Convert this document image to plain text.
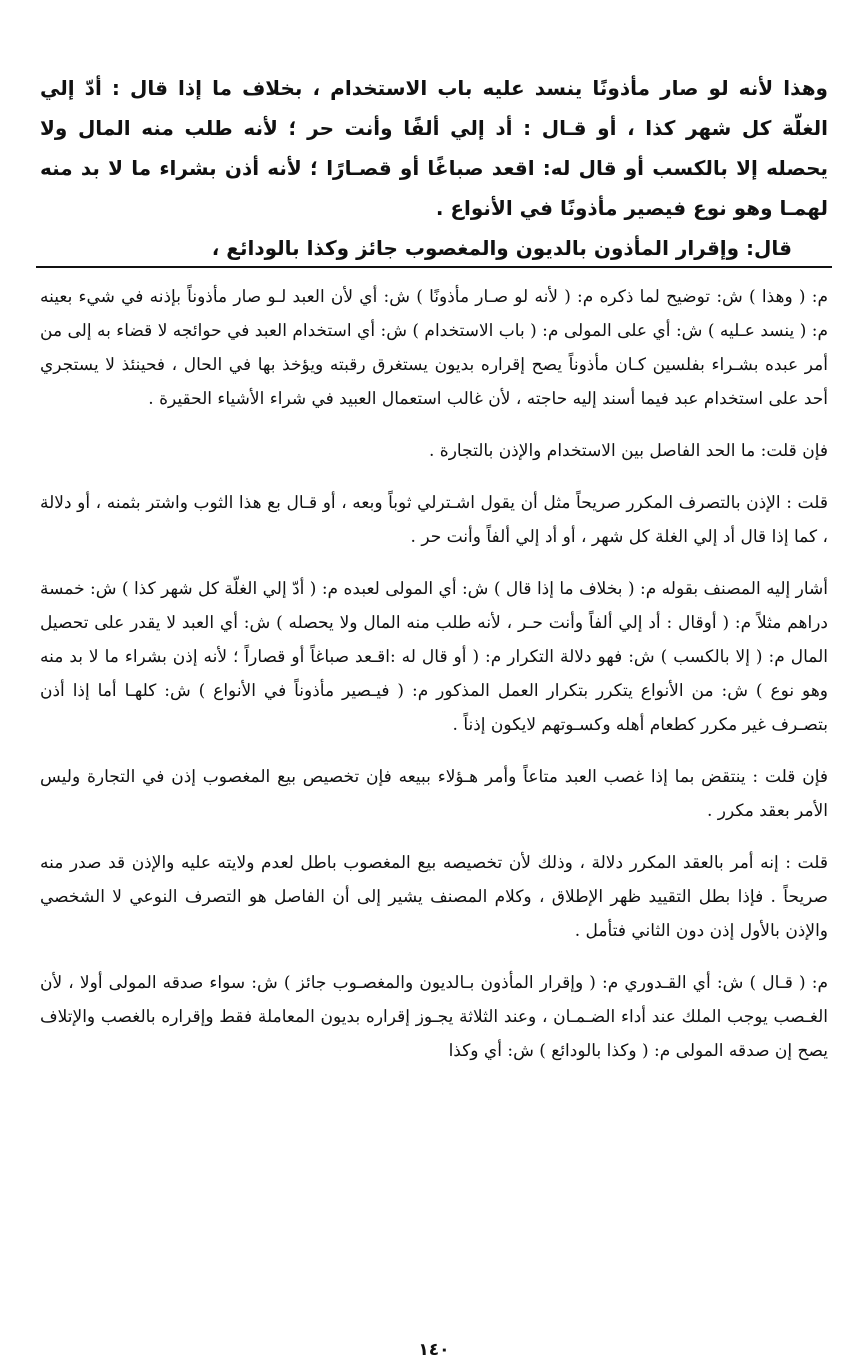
وهذا لأنه لو صار مأذونًا ينسد عليه باب الاستخدام ، بخلاف ما إذا قال : أدّ إلي الغلّة كل شهر كذا ، أو قـال : أد إلي ألفًا وأنت حر ؛ لأنه طلب منه المال ولا يحصله إلا بالكسب أو قال له: اقعد صباغًا أو قصـارًا ؛ لأنه أذن بشراء ما لا بد منه لهمـا وهو نوع فيصير مأذونًا في الأنواع .

قال: وإقرار المأذون بالديون والمغصوب جائز وكذا بالودائع ،

م: ( وهذا ) ش: توضيح لما ذكره م: ( لأنه لو صـار مأذونًا ) ش: أي لأن العبد لـو صار مأذوناً بإذنه في شيء بعينه م: ( ينسد عـليه ) ش: أي على المولى م: ( باب الاستخدام ) ش: أي استخدام العبد في حوائجه لا قضاء به إلى من أمر عبده بشـراء بفلسين كـان مأذوناً يصح إقراره بديون يستغرق رقبته ويؤخذ بها في الحال ، فحينئذ لا يستجري أحد على استخدام عبد فيما أسند إليه حاجته ، لأن غالب استعمال العبيد في شراء الأشياء الحقيرة .

فإن قلت: ما الحد الفاصل بين الاستخدام والإذن بالتجارة .

قلت : الإذن بالتصرف المكرر صريحاً مثل أن يقول اشـترلي ثوباً وبعه ، أو قـال بع هذا الثوب واشتر بثمنه ، أو دلالة ، كما إذا قال أد إلي الغلة كل شهر ، أو أد إلي ألفاً وأنت حر .

أشار إليه المصنف بقوله م: ( بخلاف ما إذا قال ) ش: أي المولى لعبده م: ( أدّ إلي الغلّة كل شهر كذا ) ش: خمسة دراهم مثلاً م: ( أوقال : أد إلي ألفاً وأنت حـر ، لأنه طلب منه المال ولا يحصله ) ش: أي العبد لا يقدر على تحصيل المال م: ( إلا بالكسب ) ش: فهو دلالة التكرار م: ( أو قال له :اقـعد صباغاً أو قصاراً ؛ لأنه إذن بشراء ما لا بد منه وهو نوع ) ش: من الأنواع يتكرر بتكرار العمل المذكور م: ( فيـصير مأذوناً في الأنواع ) ش: كلهـا أما إذا أذن بتصـرف غير مكرر كطعام أهله وكسـوتهم لايكون إذناً .

فإن قلت : ينتقض بما إذا غصب العبد متاعاً وأمر هـؤلاء ببيعه فإن تخصيص بيع المغصوب إذن في التجارة وليس الأمر بعقد مكرر .

قلت : إنه أمر بالعقد المكرر دلالة ، وذلك لأن تخصيصه بيع المغصوب باطل لعدم ولايته عليه والإذن قد صدر منه صريحاً . فإذا بطل التقييد ظهر الإطلاق ، وكلام المصنف يشير إلى أن الفاصل هو التصرف النوعي لا الشخصي والإذن بالأول إذن دون الثاني فتأمل .

م: ( قـال ) ش: أي القـدوري م: ( وإقرار المأذون بـالديون والمغصـوب جائز ) ش: سواء صدقه المولى أولا ، لأن الغـصب يوجب الملك عند أداء الضـمـان ، وعند الثلاثة يجـوز إقراره بديون المعاملة فقط وإقراره بالغصب والإتلاف يصح إن صدقه المولى م: ( وكذا بالودائع ) ش: أي وكذا

١٤٠
